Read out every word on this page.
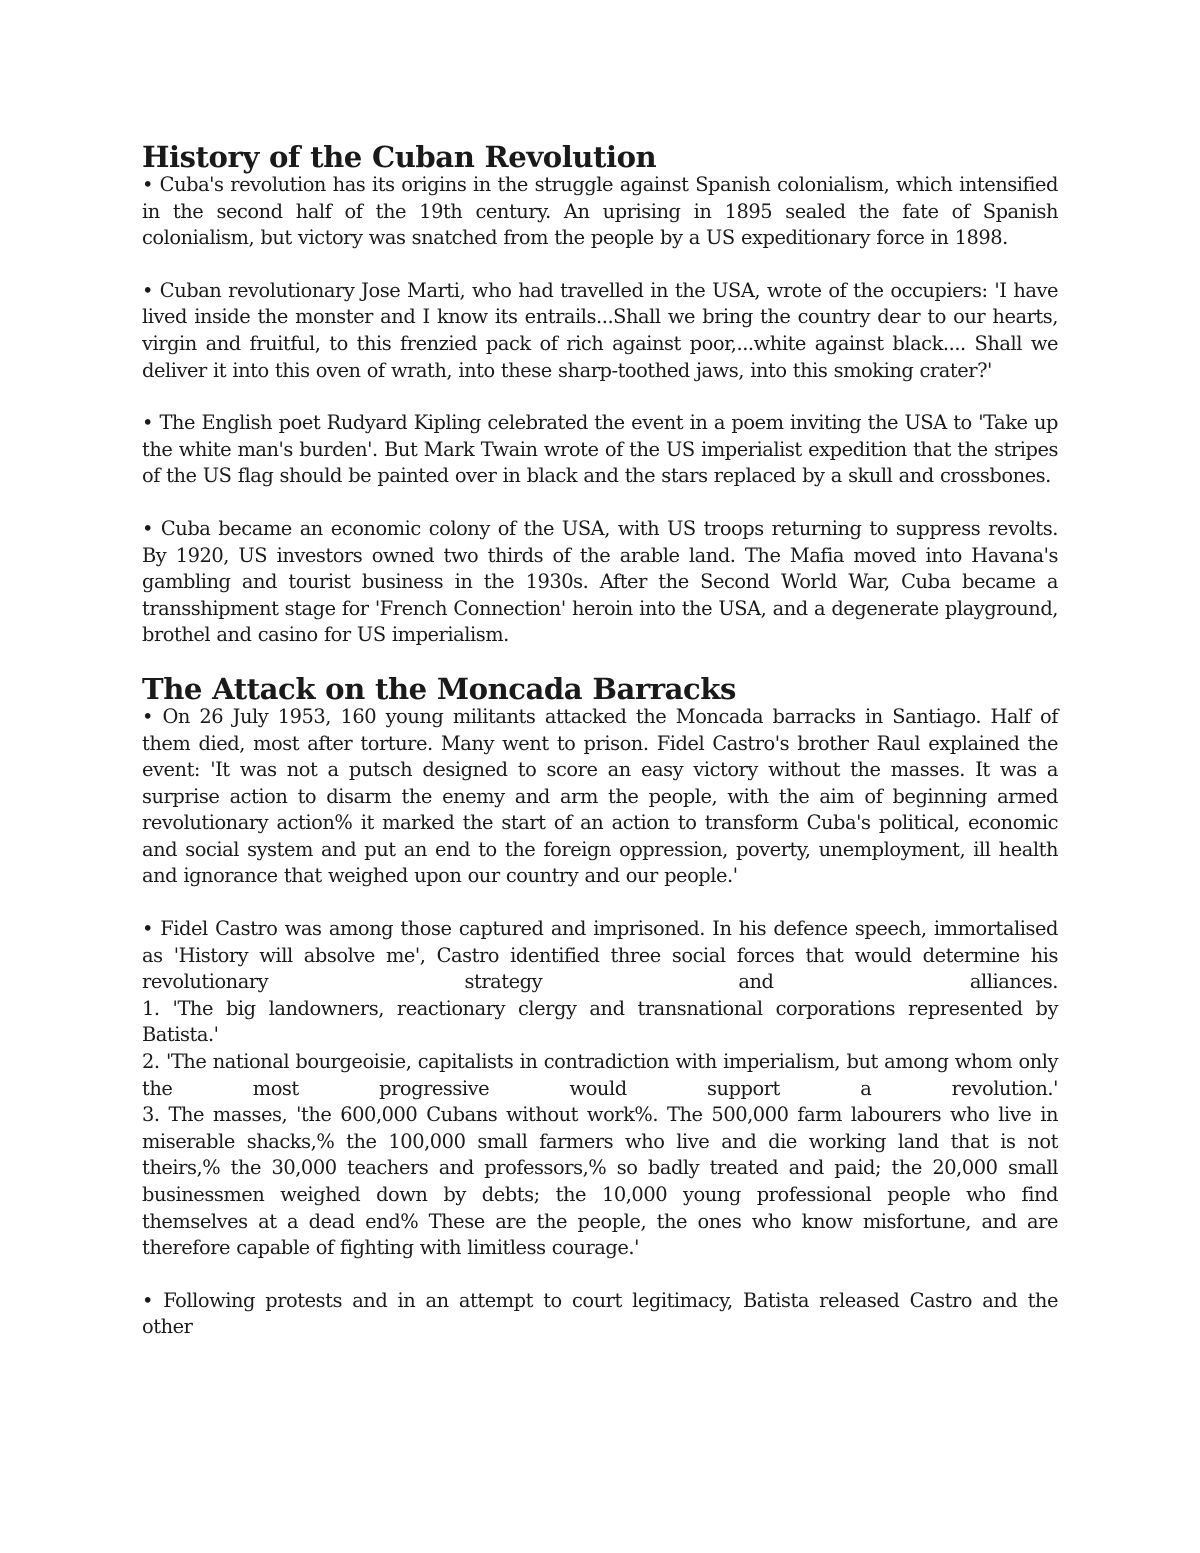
History of the Cuban Revolution

• Cuba's revolution has its origins in the struggle against Spanish colonialism, which intensified in the second half of the 19th century. An uprising in 1895 sealed the fate of Spanish colonialism, but victory was snatched from the people by a US expeditionary force in 1898.

• Cuban revolutionary Jose Marti, who had travelled in the USA, wrote of the occupiers: 'I have lived inside the monster and I know its entrails...Shall we bring the country dear to our hearts, virgin and fruitful, to this frenzied pack of rich against poor,...white against black.... Shall we deliver it into this oven of wrath, into these sharp-toothed jaws, into this smoking crater?'

• The English poet Rudyard Kipling celebrated the event in a poem inviting the USA to 'Take up the white man's burden'. But Mark Twain wrote of the US imperialist expedition that the stripes of the US flag should be painted over in black and the stars replaced by a skull and crossbones.

• Cuba became an economic colony of the USA, with US troops returning to suppress revolts. By 1920, US investors owned two thirds of the arable land. The Mafia moved into Havana's gambling and tourist business in the 1930s. After the Second World War, Cuba became a transshipment stage for 'French Connection' heroin into the USA, and a degenerate playground, brothel and casino for US imperialism.

The Attack on the Moncada Barracks

• On 26 July 1953, 160 young militants attacked the Moncada barracks in Santiago. Half of them died, most after torture. Many went to prison. Fidel Castro's brother Raul explained the event: 'It was not a putsch designed to score an easy victory without the masses. It was a surprise action to disarm the enemy and arm the people, with the aim of beginning armed revolutionary action% it marked the start of an action to transform Cuba's political, economic and social system and put an end to the foreign oppression, poverty, unemployment, ill health and ignorance that weighed upon our country and our people.'

• Fidel Castro was among those captured and imprisoned. In his defence speech, immortalised as 'History will absolve me', Castro identified three social forces that would determine his revolutionary strategy and alliances.
1. 'The big landowners, reactionary clergy and transnational corporations represented by Batista.'
2. 'The national bourgeoisie, capitalists in contradiction with imperialism, but among whom only the most progressive would support a revolution.'
3. The masses, 'the 600,000 Cubans without work%. The 500,000 farm labourers who live in miserable shacks,% the 100,000 small farmers who live and die working land that is not theirs,% the 30,000 teachers and professors,% so badly treated and paid; the 20,000 small businessmen weighed down by debts; the 10,000 young professional people who find themselves at a dead end% These are the people, the ones who know misfortune, and are therefore capable of fighting with limitless courage.'

• Following protests and in an attempt to court legitimacy, Batista released Castro and the other
